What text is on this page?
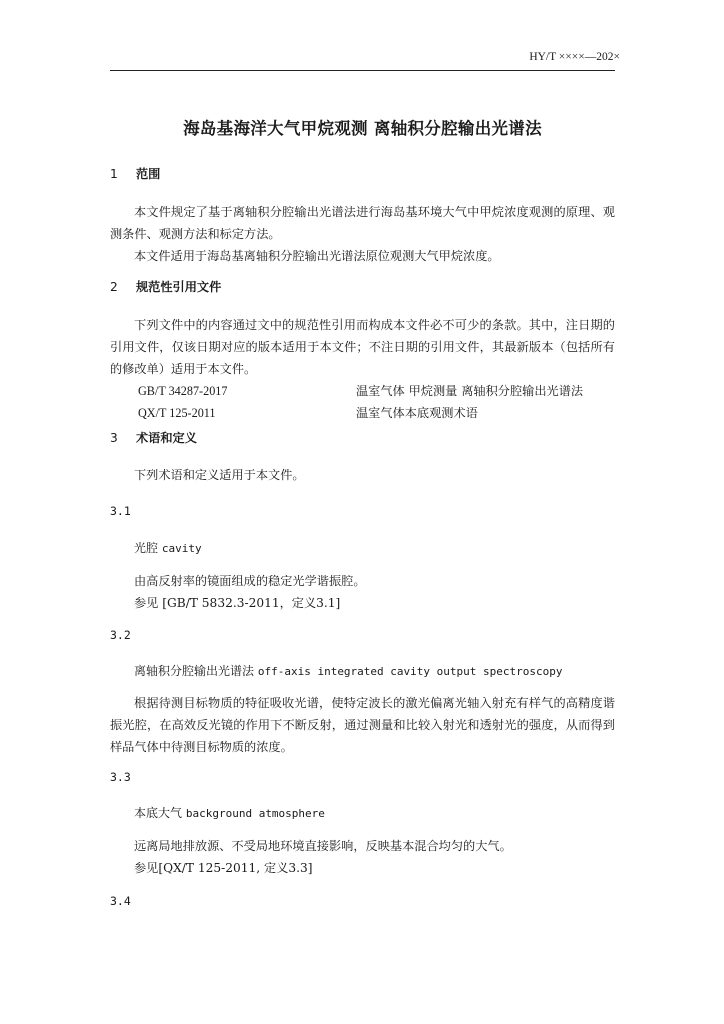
HY/T ××××—202×
海岛基海洋大气甲烷观测 离轴积分腔输出光谱法
1 范围
本文件规定了基于离轴积分腔输出光谱法进行海岛基环境大气中甲烷浓度观测的原理、观测条件、观测方法和标定方法。
本文件适用于海岛基离轴积分腔输出光谱法原位观测大气甲烷浓度。
2 规范性引用文件
下列文件中的内容通过文中的规范性引用而构成本文件必不可少的条款。其中，注日期的引用文件，仅该日期对应的版本适用于本文件；不注日期的引用文件，其最新版本（包括所有的修改单）适用于本文件。
GB/T 34287-2017	温室气体 甲烷测量 离轴积分腔输出光谱法
QX/T 125-2011	温室气体本底观测术语
3 术语和定义
下列术语和定义适用于本文件。
3.1
光腔 cavity
由高反射率的镜面组成的稳定光学谐振腔。
参见 [GB/T 5832.3-2011，定义3.1]
3.2
离轴积分腔输出光谱法 off-axis integrated cavity output spectroscopy
根据待测目标物质的特征吸收光谱，使特定波长的激光偏离光轴入射充有样气的高精度谐振光腔，在高效反光镜的作用下不断反射，通过测量和比较入射光和透射光的强度，从而得到样品气体中待测目标物质的浓度。
3.3
本底大气 background atmosphere
远离局地排放源、不受局地环境直接影响，反映基本混合均匀的大气。
参见[QX/T 125-2011, 定义3.3]
3.4
